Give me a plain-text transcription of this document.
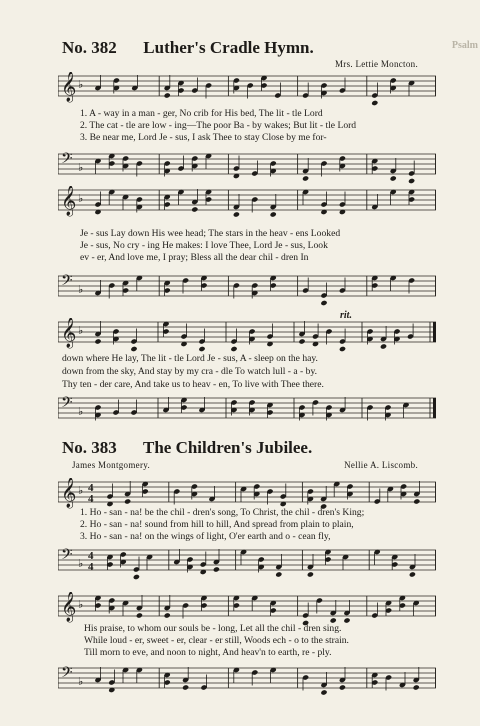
Psalm
No. 382 Luther's Cradle Hymn.
Mrs. Lettie Moncton.
𝄞 ♭
1. A - way in a man - ger, No crib for His bed, The lit - tle Lord
2. The cat - tle are low - ing—The poor Ba - by wakes; But lit - tle Lord
3. Be near me, Lord Je - sus, I ask Thee to stay Close by me for-
𝄢 ♭
𝄞 ♭
Je - sus Lay down His wee head; The stars in the heav - ens Looked
Je - sus, No cry - ing He makes: I love Thee, Lord Je - sus, Look
ev - er, And love me, I pray; Bless all the dear chil - dren In
𝄢 ♭
rit.
𝄞 ♭
down where He lay, The lit - tle Lord Je - sus, A - sleep on the hay.
down from the sky, And stay by my cra - dle To watch lull - a - by.
Thy ten - der care, And take us to heav - en, To live with Thee there.
𝄢 ♭
No. 383 The Children's Jubilee.
James Montgomery.	Nellie A. Liscomb.
𝄞 ♭ 4
4
1. Ho - san - na! be the chil - dren's song, To Christ, the chil - dren's King;
2. Ho - san - na! sound from hill to hill, And spread from plain to plain,
3. Ho - san - na! on the wings of light, O'er earth and o - cean fly,
𝄢 ♭
4
4
𝄞 ♭
His praise, to whom our souls be - long, Let all the chil - dren sing.
While loud - er, sweet - er, clear - er still, Woods ech - o to the strain.
Till morn to eve, and noon to night, And heav'n to earth, re - ply.
𝄢 ♭
